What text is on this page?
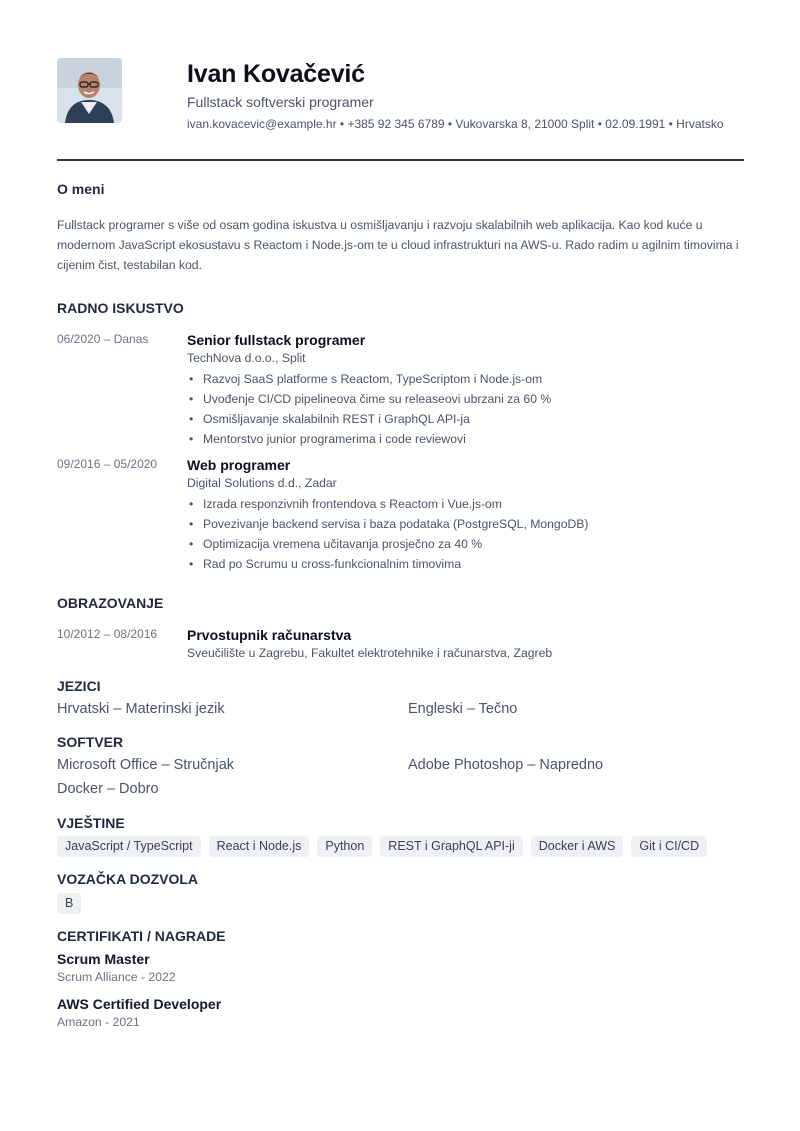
Ivan Kovačević
Fullstack softverski programer
ivan.kovacevic@example.hr • +385 92 345 6789 • Vukovarska 8, 21000 Split • 02.09.1991 • Hrvatsko
O meni
Fullstack programer s više od osam godina iskustva u osmišljavanju i razvoju skalabilnih web aplikacija. Kao kod kuće u modernom JavaScript ekosustavu s Reactom i Node.js-om te u cloud infrastrukturi na AWS-u. Rado radim u agilnim timovima i cijenim čist, testabilan kod.
RADNO ISKUSTVO
06/2020 – Danas	Senior fullstack programer
TechNova d.o.o., Split
• Razvoj SaaS platforme s Reactom, TypeScriptom i Node.js-om
• Uvođenje CI/CD pipelineova čime su releaseovi ubrzani za 60 %
• Osmišljavanje skalabilnih REST i GraphQL API-ja
• Mentorstvo junior programerima i code reviewovi
09/2016 – 05/2020 Web programer
Digital Solutions d.d., Zadar
• Izrada responzivnih frontendova s Reactom i Vue.js-om
• Povezivanje backend servisa i baza podataka (PostgreSQL, MongoDB)
• Optimizacija vremena učitavanja prosječno za 40 %
• Rad po Scrumu u cross-funkcionalnim timovima
OBRAZOVANJE
10/2012 – 08/2016 Prvostupnik računarstva
Sveučilište u Zagrebu, Fakultet elektrotehnike i računarstva, Zagreb
JEZICI
Hrvatski – Materinski jezik	Engleski – Tečno
SOFTVER
Microsoft Office – Stručnjak	Adobe Photoshop – Napredno
Docker – Dobro
VJEŠTINE
JavaScript / TypeScript	React i Node.js	Python	REST i GraphQL API-ji	Docker i AWS	Git i CI/CD
VOZAČKA DOZVOLA
B
CERTIFIKATI / NAGRADE
Scrum Master
Scrum Alliance - 2022
AWS Certified Developer
Amazon - 2021
